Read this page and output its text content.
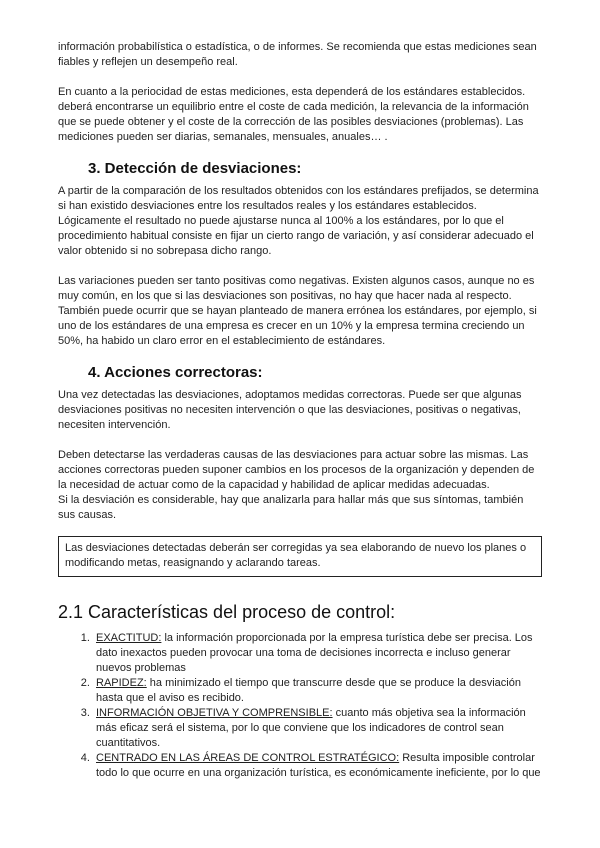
información probabilística o estadística, o de informes. Se recomienda que estas mediciones sean fiables y reflejen un desempeño real.

En cuanto a la periocidad de estas mediciones, esta dependerá de los estándares establecidos. deberá encontrarse un equilibrio entre el coste de cada medición, la relevancia de la información que se puede obtener y el coste de la corrección de las posibles desviaciones (problemas). Las mediciones pueden ser diarias, semanales, mensuales, anuales… .

3. Detección de desviaciones:

A partir de la comparación de los resultados obtenidos con los estándares prefijados, se determina si han existido desviaciones entre los resultados reales y los estándares establecidos. Lógicamente el resultado no puede ajustarse nunca al 100% a los estándares, por lo que el procedimiento habitual consiste en fijar un cierto rango de variación, y así considerar adecuado el valor obtenido si no sobrepasa dicho rango.

Las variaciones pueden ser tanto positivas como negativas. Existen algunos casos, aunque no es muy común, en los que si las desviaciones son positivas, no hay que hacer nada al respecto. También puede ocurrir que se hayan planteado de manera errónea los estándares, por ejemplo, si uno de los estándares de una empresa es crecer en un 10% y la empresa termina creciendo un 50%, ha habido un claro error en el establecimiento de estándares.

4. Acciones correctoras:

Una vez detectadas las desviaciones, adoptamos medidas correctoras. Puede ser que algunas desviaciones positivas no necesiten intervención o que las desviaciones, positivas o negativas, necesiten intervención.

Deben detectarse las verdaderas causas de las desviaciones para actuar sobre las mismas. Las acciones correctoras pueden suponer cambios en los procesos de la organización y dependen de la necesidad de actuar como de la capacidad y habilidad de aplicar medidas adecuadas.

Si la desviación es considerable, hay que analizarla para hallar más que sus síntomas, también sus causas.

Las desviaciones detectadas deberán ser corregidas ya sea elaborando de nuevo los planes o modificando metas, reasignando y aclarando tareas.
2.1 Características del proceso de control:
1. EXACTITUD: la información proporcionada por la empresa turística debe ser precisa. Los dato inexactos pueden provocar una toma de decisiones incorrecta e incluso generar nuevos problemas
2. RAPIDEZ: ha minimizado el tiempo que transcurre desde que se produce la desviación hasta que el aviso es recibido.
3. INFORMACIÓN OBJETIVA Y COMPRENSIBLE: cuanto más objetiva sea la información más eficaz será el sistema, por lo que conviene que los indicadores de control sean cuantitativos.
4. CENTRADO EN LAS ÁREAS DE CONTROL ESTRATÉGICO: Resulta imposible controlar todo lo que ocurre en una organización turística, es económicamente ineficiente, por lo que
